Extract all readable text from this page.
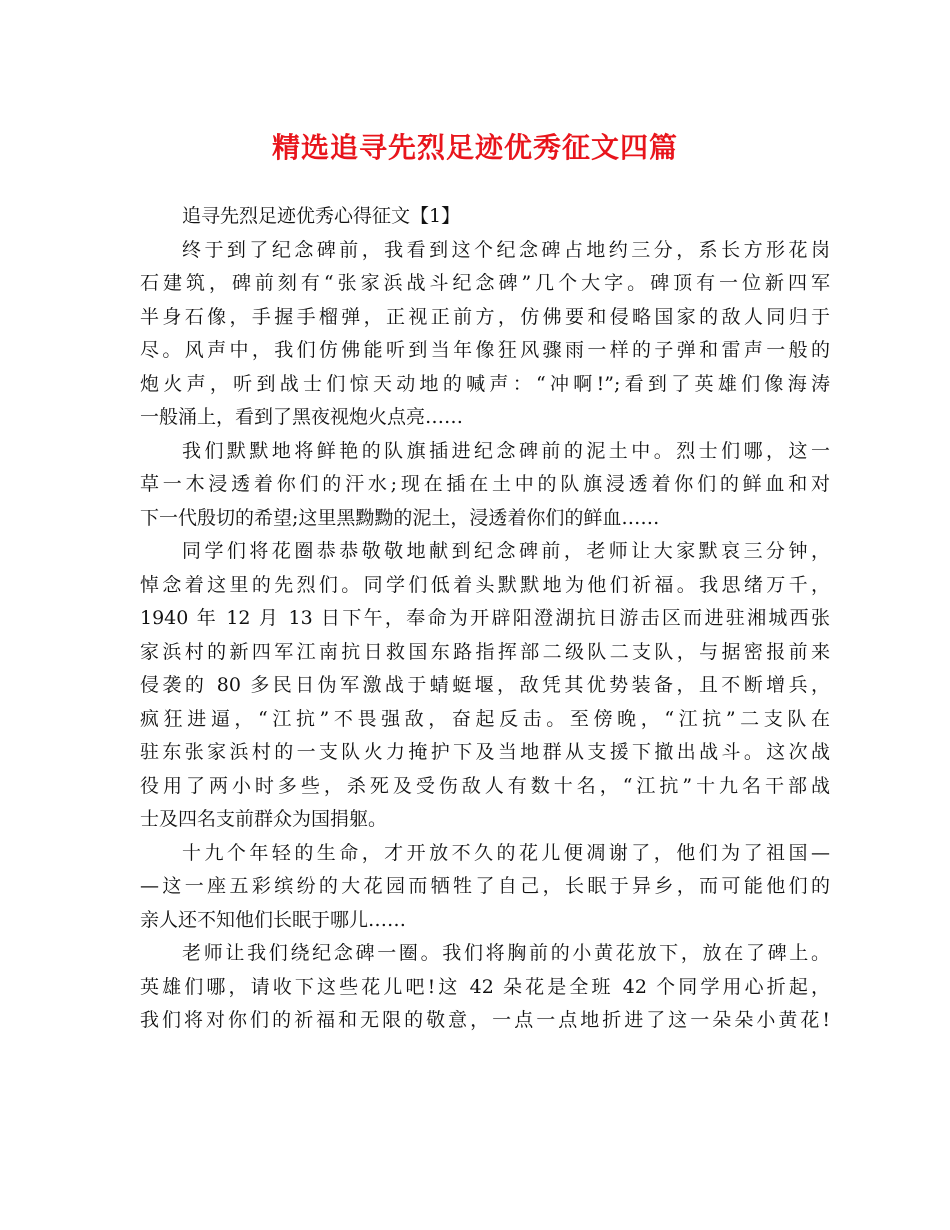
精选追寻先烈足迹优秀征文四篇
追寻先烈足迹优秀心得征文【1】
终于到了纪念碑前，我看到这个纪念碑占地约三分，系长方形花岗
石建筑，碑前刻有“张家浜战斗纪念碑”几个大字。碑顶有一位新四军
半身石像，手握手榴弹，正视正前方，仿佛要和侵略国家的敌人同归于
尽。风声中，我们仿佛能听到当年像狂风骤雨一样的子弹和雷声一般的
炮火声，听到战士们惊天动地的喊声：“冲啊!”;看到了英雄们像海涛
一般涌上，看到了黑夜视炮火点亮……
我们默默地将鲜艳的队旗插进纪念碑前的泥土中。烈士们哪，这一
草一木浸透着你们的汗水;现在插在土中的队旗浸透着你们的鲜血和对
下一代殷切的希望;这里黑黝黝的泥土，浸透着你们的鲜血……
同学们将花圈恭恭敬敬地献到纪念碑前，老师让大家默哀三分钟，
悼念着这里的先烈们。同学们低着头默默地为他们祈福。我思绪万千，
1940 年 12 月 13 日下午，奉命为开辟阳澄湖抗日游击区而进驻湘城西张
家浜村的新四军江南抗日救国东路指挥部二级队二支队，与据密报前来
侵袭的 80 多民日伪军激战于蜻蜓堰，敌凭其优势装备，且不断增兵，
疯狂进逼，“江抗”不畏强敌，奋起反击。至傍晚，“江抗”二支队在
驻东张家浜村的一支队火力掩护下及当地群从支援下撤出战斗。这次战
役用了两小时多些，杀死及受伤敌人有数十名，“江抗”十九名干部战
士及四名支前群众为国捐躯。
十九个年轻的生命，才开放不久的花儿便凋谢了，他们为了祖国—
—这一座五彩缤纷的大花园而牺牲了自己，长眠于异乡，而可能他们的
亲人还不知他们长眠于哪儿……
老师让我们绕纪念碑一圈。我们将胸前的小黄花放下，放在了碑上。
英雄们哪，请收下这些花儿吧!这 42 朵花是全班 42 个同学用心折起，
我们将对你们的祈福和无限的敬意，一点一点地折进了这一朵朵小黄花!
